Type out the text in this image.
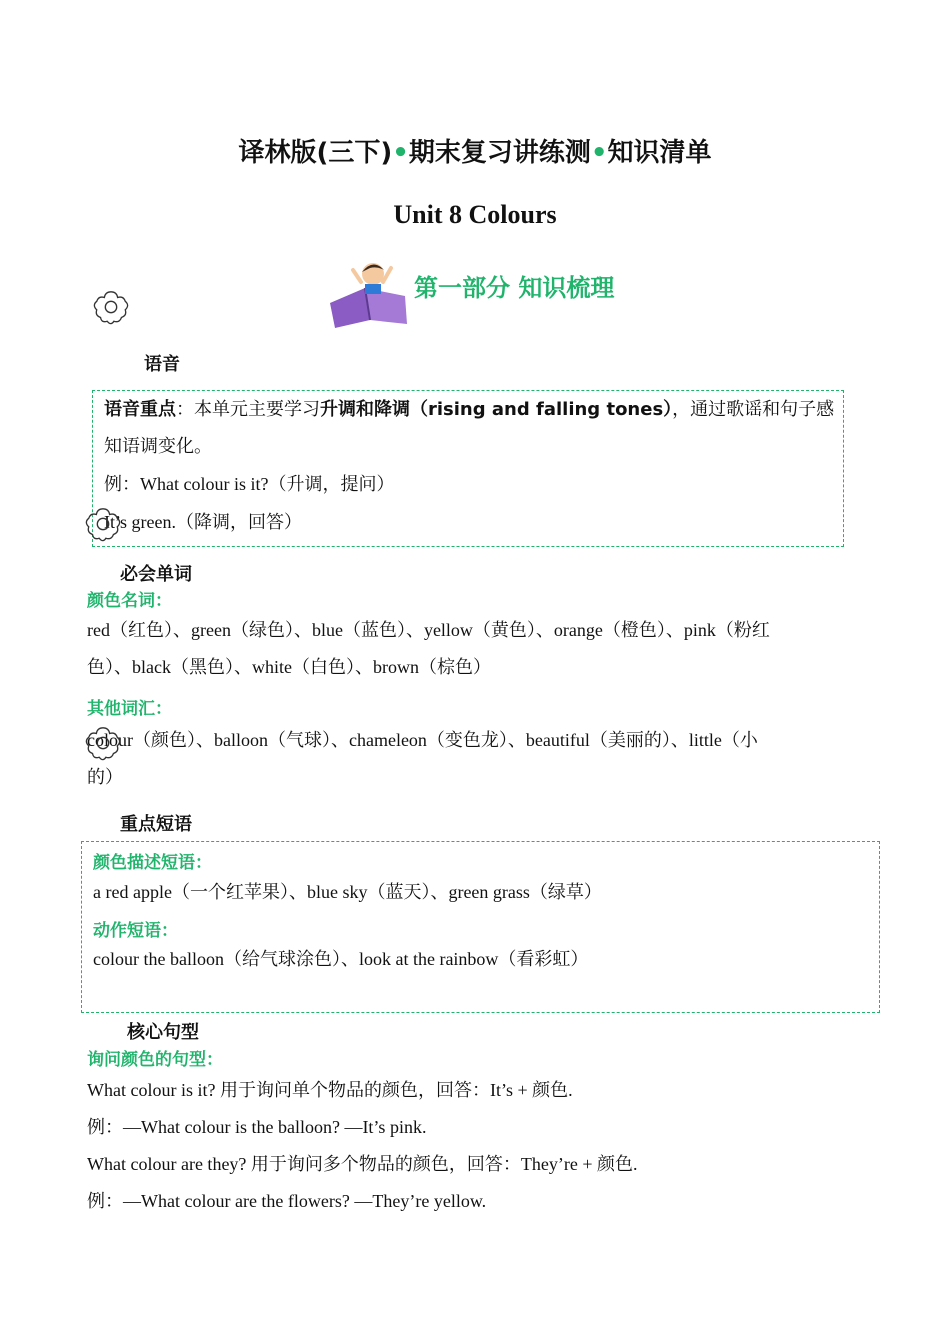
译林版(三下)•期末复习讲练测•知识清单
Unit 8 Colours
第一部分 知识梳理
语音
语音重点：本单元主要学习升调和降调（rising and falling tones），通过歌谣和句子感
知语调变化。
例：What colour is it?（升调，提问）
It’s green.（降调，回答）
必会单词
颜色名词：
red（红色）、green（绿色）、blue（蓝色）、yellow（黄色）、orange（橙色）、pink（粉红
色）、black（黑色）、white（白色）、brown（棕色）
其他词汇：
colour（颜色）、balloon（气球）、chameleon（变色龙）、beautiful（美丽的）、little（小
的）
重点短语
颜色描述短语：
a red apple（一个红苹果）、blue sky（蓝天）、green grass（绿草）
动作短语：
colour the balloon（给气球涂色）、look at the rainbow（看彩虹）
核心句型
询问颜色的句型：
What colour is it? 用于询问单个物品的颜色，回答：It’s + 颜色.
例：—What colour is the balloon? —It’s pink.
What colour are they? 用于询问多个物品的颜色，回答：They’re + 颜色.
例：—What colour are the flowers? —They’re yellow.
